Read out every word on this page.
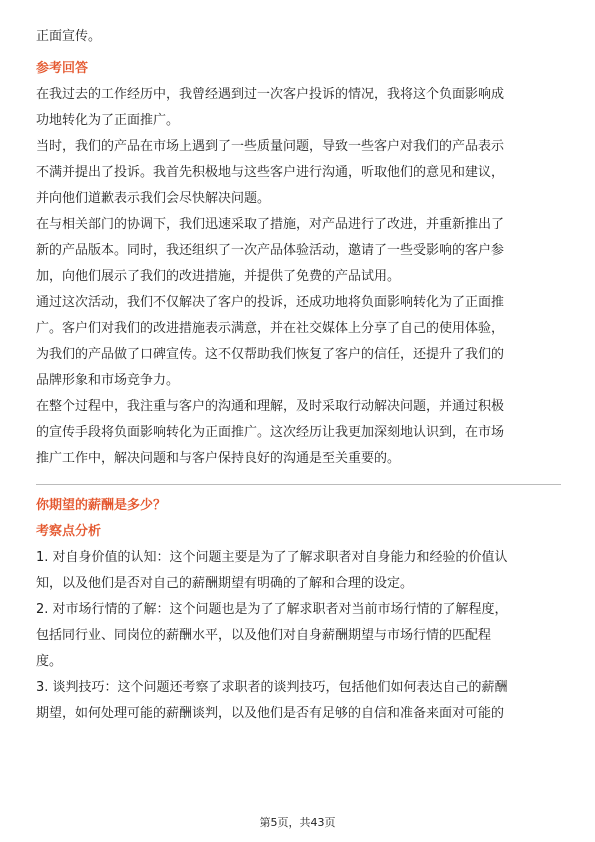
正面宣传。

参考回答

在我过去的工作经历中，我曾经遇到过一次客户投诉的情况，我将这个负面影响成
功地转化为了正面推广。

当时，我们的产品在市场上遇到了一些质量问题，导致一些客户对我们的产品表示
不满并提出了投诉。我首先积极地与这些客户进行沟通，听取他们的意见和建议，
并向他们道歉表示我们会尽快解决问题。

在与相关部门的协调下，我们迅速采取了措施，对产品进行了改进，并重新推出了
新的产品版本。同时，我还组织了一次产品体验活动，邀请了一些受影响的客户参
加，向他们展示了我们的改进措施，并提供了免费的产品试用。

通过这次活动，我们不仅解决了客户的投诉，还成功地将负面影响转化为了正面推
广。客户们对我们的改进措施表示满意，并在社交媒体上分享了自己的使用体验，
为我们的产品做了口碑宣传。这不仅帮助我们恢复了客户的信任，还提升了我们的
品牌形象和市场竞争力。

在整个过程中，我注重与客户的沟通和理解，及时采取行动解决问题，并通过积极
的宣传手段将负面影响转化为正面推广。这次经历让我更加深刻地认识到，在市场
推广工作中，解决问题和与客户保持良好的沟通是至关重要的。

你期望的薪酬是多少？

考察点分析

1. 对自身价值的认知：这个问题主要是为了了解求职者对自身能力和经验的价值认
知，以及他们是否对自己的薪酬期望有明确的了解和合理的设定。

2. 对市场行情的了解：这个问题也是为了了解求职者对当前市场行情的了解程度，
包括同行业、同岗位的薪酬水平，以及他们对自身薪酬期望与市场行情的匹配程
度。

3. 谈判技巧：这个问题还考察了求职者的谈判技巧，包括他们如何表达自己的薪酬
期望，如何处理可能的薪酬谈判，以及他们是否有足够的自信和准备来面对可能的

第5页，共43页
